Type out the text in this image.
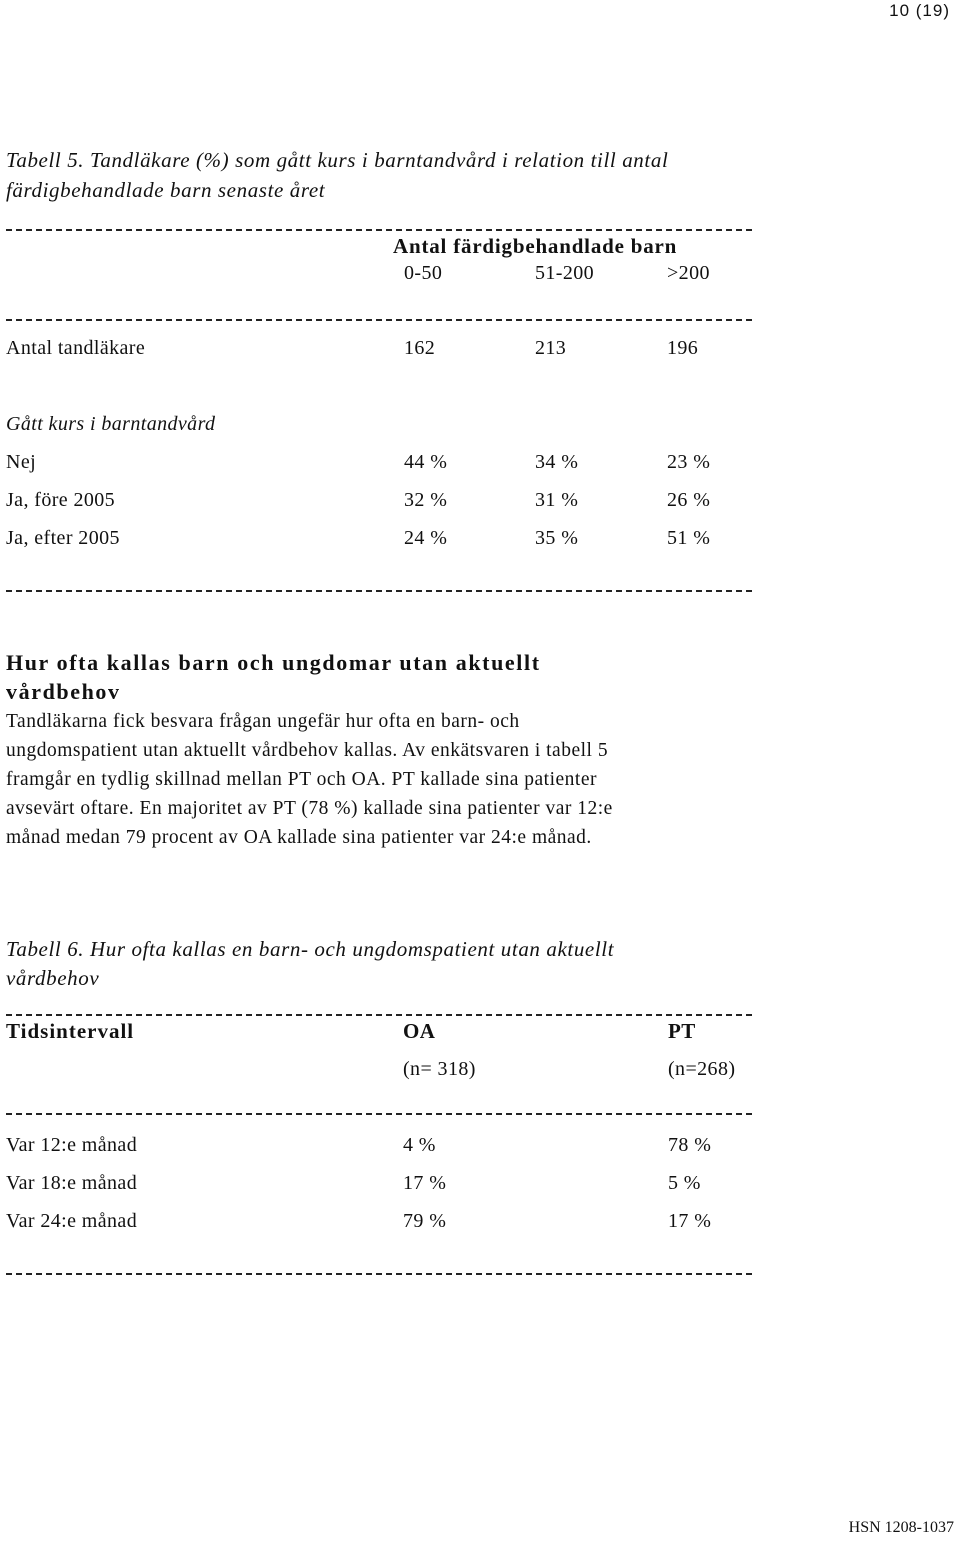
10 (19)
Tabell 5. Tandläkare (%) som gått kurs i barntandvård i relation till antal
färdigbehandlade barn senaste året
Antal färdigbehandlade barn
0-50	51-200	>200
Antal tandläkare	162	213	196
Gått kurs i barntandvård
Nej	44 %	34 %	23 %
Ja, före 2005	32 %	31 %	26 %
Ja, efter 2005	24 %	35 %	51 %
Hur ofta kallas barn och ungdomar utan aktuellt
vårdbehov
Tandläkarna fick besvara frågan ungefär hur ofta en barn- och
ungdomspatient utan aktuellt vårdbehov kallas. Av enkätsvaren i tabell 5
framgår en tydlig skillnad mellan PT och OA. PT kallade sina patienter
avsevärt oftare. En majoritet av PT (78 %) kallade sina patienter var 12:e
månad medan 79 procent av OA kallade sina patienter var 24:e månad.
Tabell 6. Hur ofta kallas en barn- och ungdomspatient utan aktuellt
vårdbehov
Tidsintervall	OA	PT
(n= 318)	(n=268)
Var 12:e månad	4 %	78 %
Var 18:e månad	17 %	5 %
Var 24:e månad	79 %	17 %
HSN 1208-1037
